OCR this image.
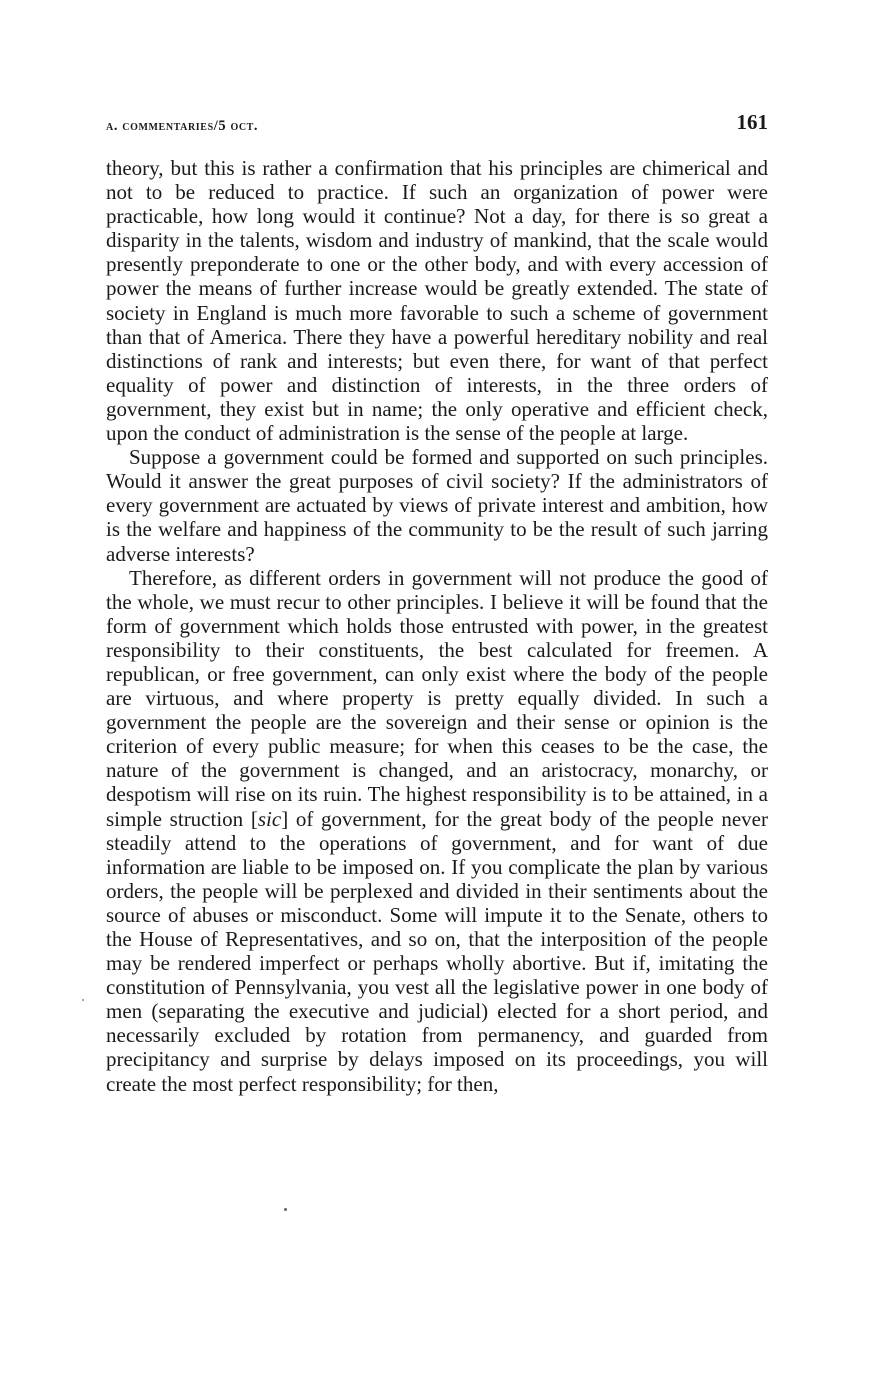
a. commentaries/5 oct.	161

theory, but this is rather a confirmation that his principles are chimerical and not to be reduced to practice. If such an organization of power were practicable, how long would it continue? Not a day, for there is so great a disparity in the talents, wisdom and industry of mankind, that the scale would presently preponderate to one or the other body, and with every accession of power the means of further increase would be greatly extended. The state of society in England is much more favorable to such a scheme of government than that of America. There they have a powerful hereditary nobility and real distinctions of rank and interests; but even there, for want of that perfect equality of power and distinction of interests, in the three orders of government, they exist but in name; the only operative and efficient check, upon the conduct of administration is the sense of the people at large.

Suppose a government could be formed and supported on such principles. Would it answer the great purposes of civil society? If the administrators of every government are actuated by views of private interest and ambition, how is the welfare and happiness of the community to be the result of such jarring adverse interests?

Therefore, as different orders in government will not produce the good of the whole, we must recur to other principles. I believe it will be found that the form of government which holds those entrusted with power, in the greatest responsibility to their constituents, the best calculated for freemen. A republican, or free government, can only exist where the body of the people are virtuous, and where property is pretty equally divided. In such a government the people are the sovereign and their sense or opinion is the criterion of every public measure; for when this ceases to be the case, the nature of the government is changed, and an aristocracy, monarchy, or despotism will rise on its ruin. The highest responsibility is to be attained, in a simple struction [sic] of government, for the great body of the people never steadily attend to the operations of government, and for want of due information are liable to be imposed on. If you complicate the plan by various orders, the people will be perplexed and divided in their sentiments about the source of abuses or misconduct. Some will impute it to the Senate, others to the House of Representatives, and so on, that the interposition of the people may be rendered imperfect or perhaps wholly abortive. But if, imitating the constitution of Pennsylvania, you vest all the legislative power in one body of men (separating the executive and judicial) elected for a short period, and necessarily excluded by rotation from permanency, and guarded from precipitancy and surprise by delays imposed on its proceedings, you will create the most perfect responsibility; for then,
